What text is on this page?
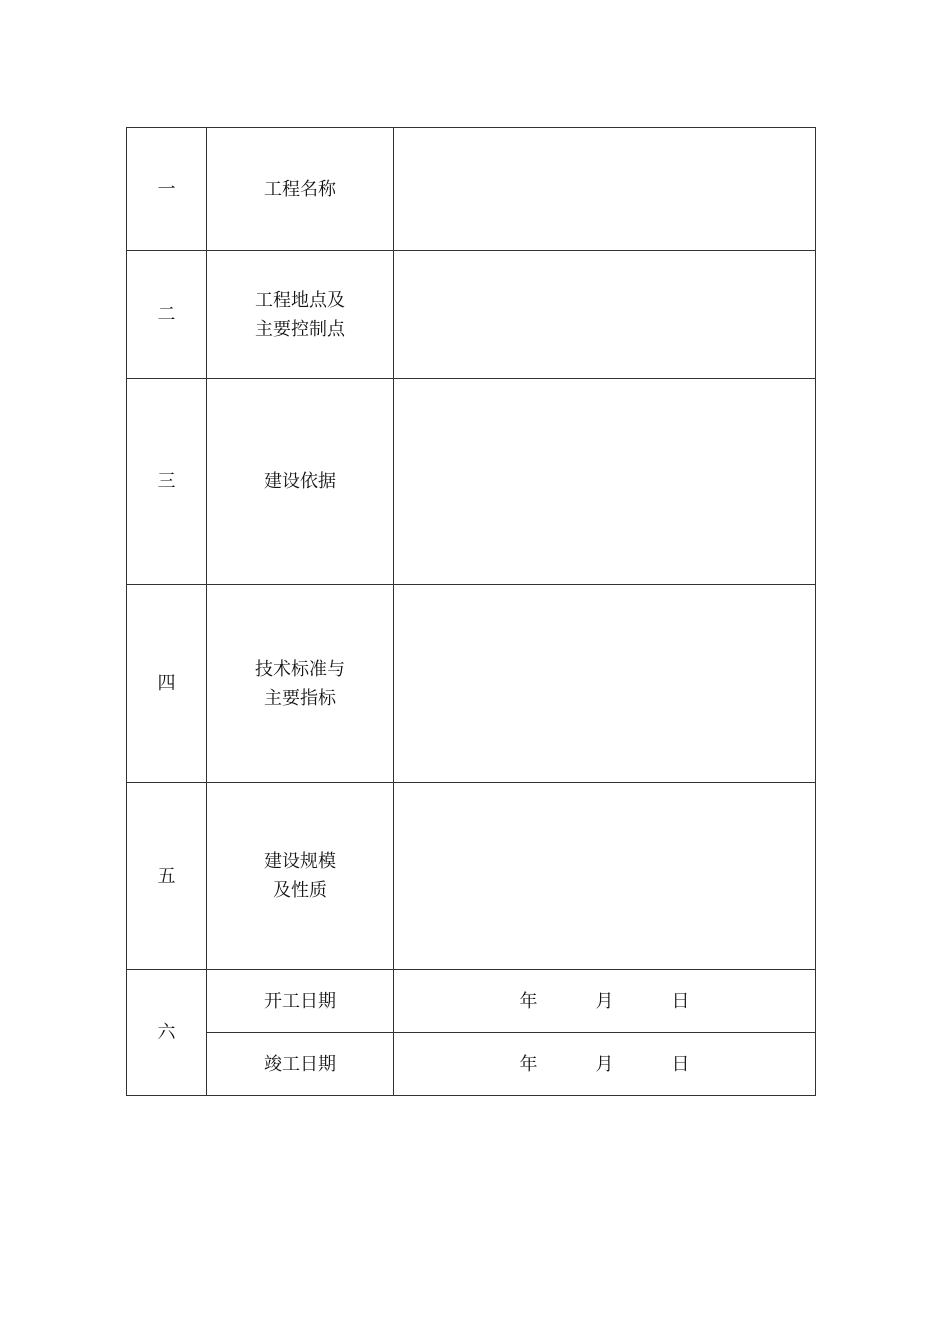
一	工程名称	
二	工程地点及
主要控制点	

三	建设依据	
四	技术标准与
主要指标	

五	建设规模
及性质	

六	开工日期	年 月 日
	竣工日期	年 月 日
